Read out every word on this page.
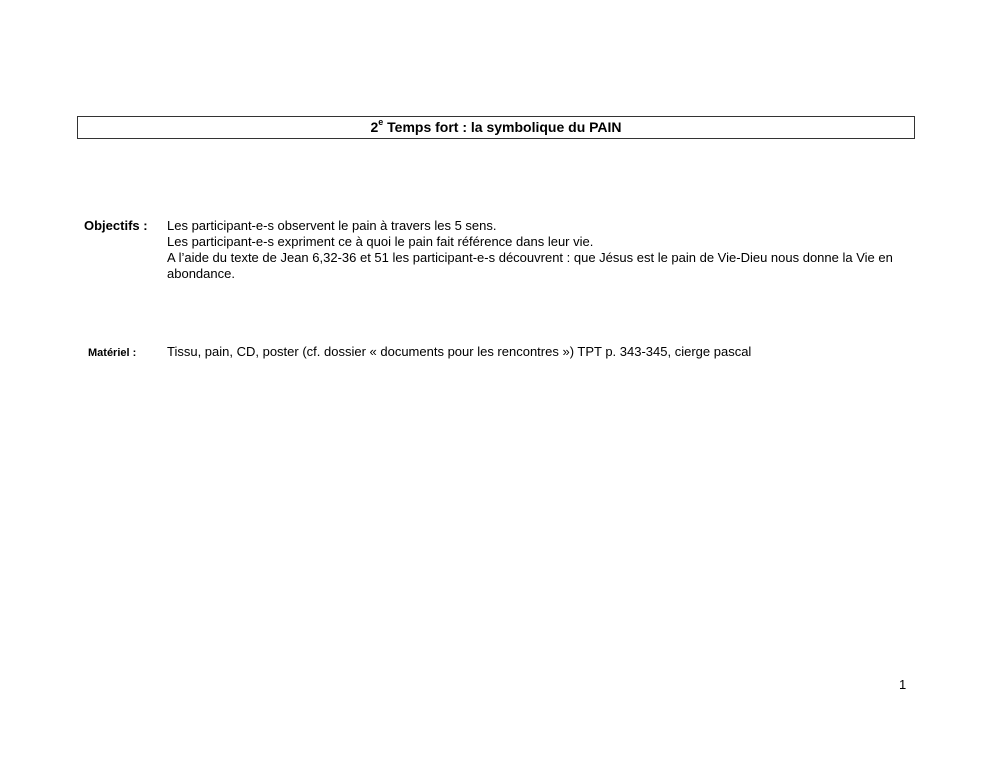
2e Temps fort : la symbolique du PAIN
Objectifs : Les participant-e-s observent le pain à travers les 5 sens.
Les participant-e-s expriment ce à quoi le pain fait référence dans leur vie.
A l’aide du texte de Jean 6,32-36 et 51 les participant-e-s découvrent : que Jésus est le pain de Vie-Dieu nous donne la Vie en abondance.
Matériel : Tissu, pain, CD, poster (cf. dossier « documents pour les rencontres ») TPT p. 343-345, cierge pascal
1
